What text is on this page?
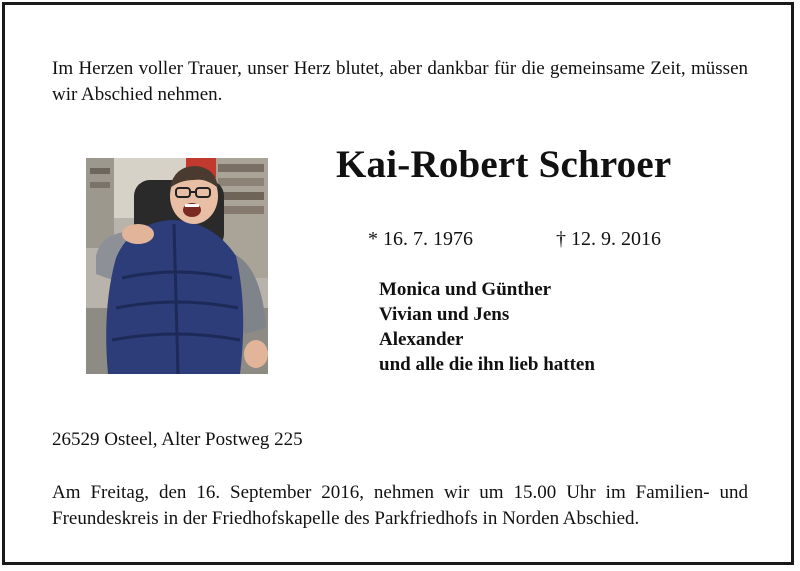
Im Herzen voller Trauer, unser Herz blutet, aber dankbar für die gemeinsame Zeit, müssen wir Abschied nehmen.

Kai-Robert Schroer
* 16. 7. 1976	† 12. 9. 2016
Monica und Günther
Vivian und Jens
Alexander
und alle die ihn lieb hatten

26529 Osteel, Alter Postweg 225

Am Freitag, den 16. September 2016, nehmen wir um 15.00 Uhr im Familien- und Freundeskreis in der Friedhofskapelle des Parkfriedhofs in Norden Abschied.
